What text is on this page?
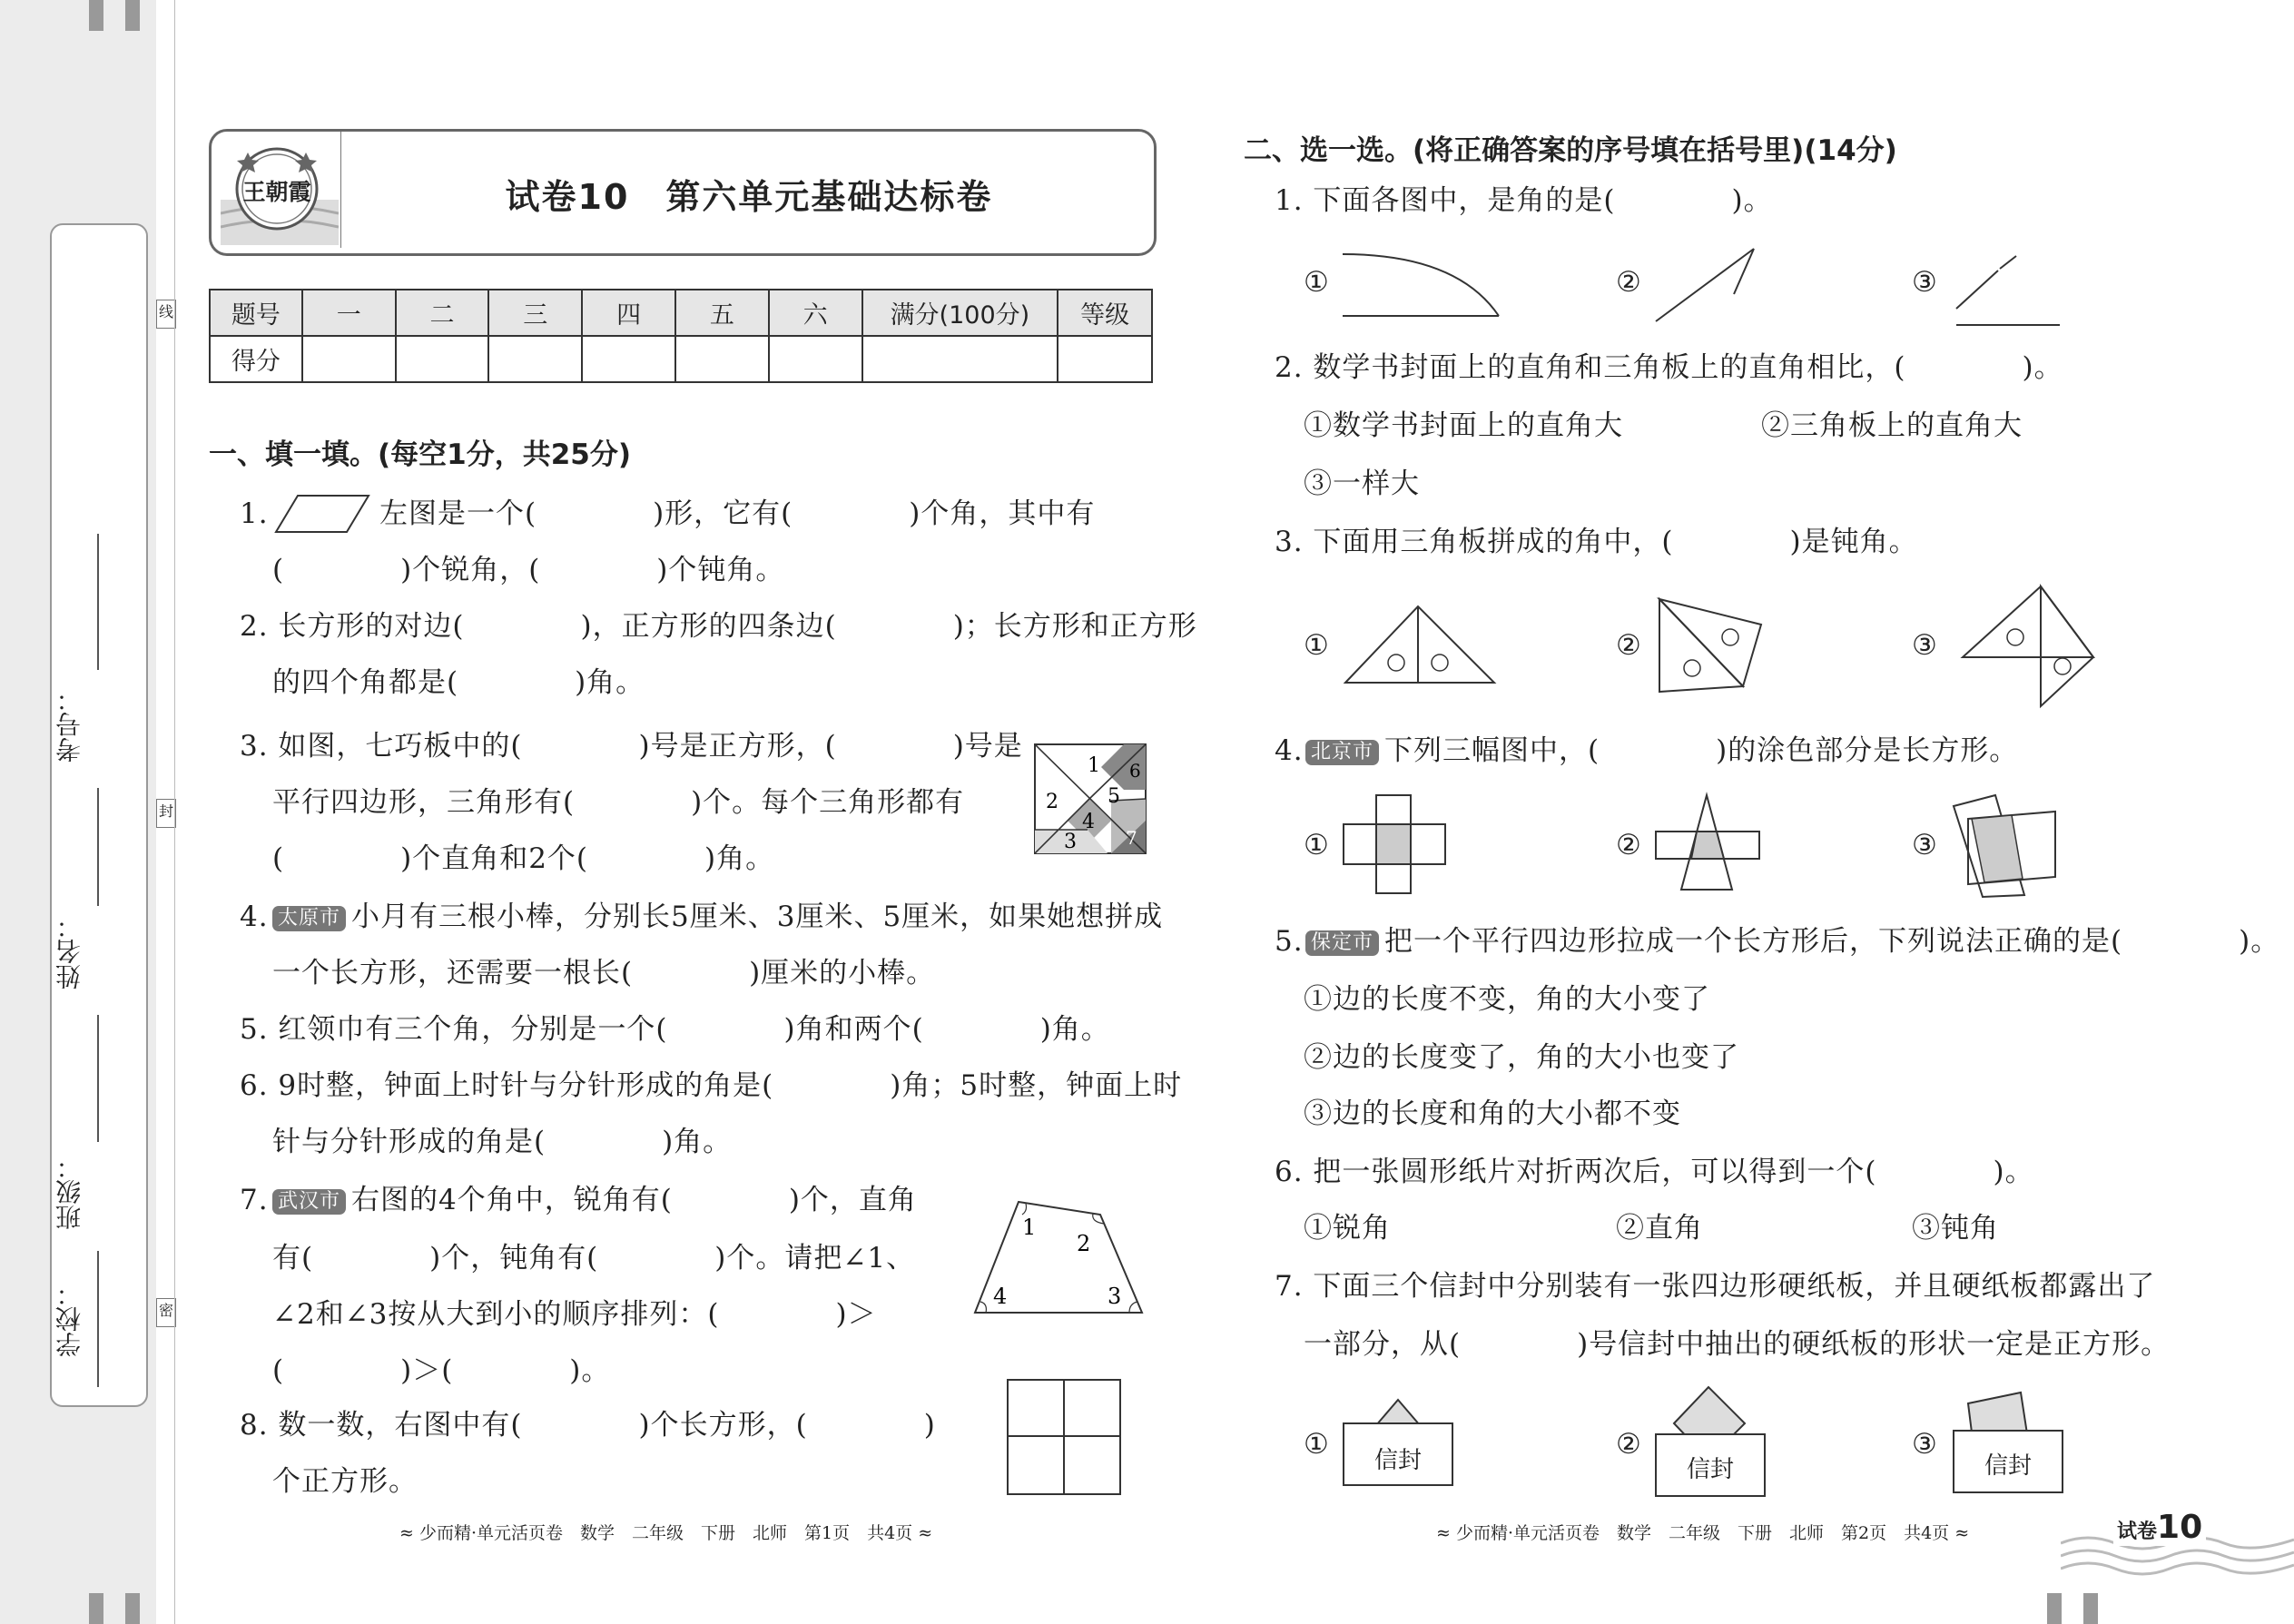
考号：
姓名：
班级：
学校：
线
封
密
王朝霞	试卷10　第六单元基础达标卷
题号	一	二	三	四	五	六	满分(100分)	等级
得分								
一、填一填。(每空1分，共25分)
1.	左图是一个(　　　　)形，它有(　　　　)个角，其中有
(　　　　)个锐角，(　　　　)个钝角。
2. 长方形的对边(　　　　)，正方形的四条边(　　　　)；长方形和正方形
的四个角都是(　　　　)角。
3. 如图，七巧板中的(　　　　)号是正方形，(　　　　)号是
平行四边形，三角形有(　　　　)个。每个三角形都有
(　　　　)个直角和2个(　　　　)角。
1
2
3
4
5
6
7
4. 太原市 小月有三根小棒，分别长5厘米、3厘米、5厘米，如果她想拼成
一个长方形，还需要一根长(　　　　)厘米的小棒。
5. 红领巾有三个角，分别是一个(　　　　)角和两个(　　　　)角。
6. 9时整，钟面上时针与分针形成的角是(　　　　)角；5时整，钟面上时
针与分针形成的角是(　　　　)角。
7. 武汉市 右图的4个角中，锐角有(　　　　)个，直角
有(　　　　)个，钝角有(　　　　)个。请把∠1、
∠2和∠3按从大到小的顺序排列：(　　　　)＞
(　　　　)＞(　　　　)。
1
2
3
4
8. 数一数，右图中有(　　　　)个长方形，(　　　　)
个正方形。
≈ 少而精·单元活页卷　数学　二年级　下册　北师　第1页　共4页 ≈
二、选一选。(将正确答案的序号填在括号里)(14分)
1. 下面各图中，是角的是(　　　　)。
①	②	③
2. 数学书封面上的直角和三角板上的直角相比，(　　　　)。
①数学书封面上的直角大	②三角板上的直角大
③一样大
3. 下面用三角板拼成的角中，(　　　　)是钝角。
①	②	③
4. 北京市 下列三幅图中，(　　　　)的涂色部分是长方形。
①	②	③
5. 保定市 把一个平行四边形拉成一个长方形后，下列说法正确的是(　　　　)。
①边的长度不变，角的大小变了
②边的长度变了，角的大小也变了
③边的长度和角的大小都不变
6. 把一张圆形纸片对折两次后，可以得到一个(　　　　)。
①锐角	②直角	③钝角
7. 下面三个信封中分别装有一张四边形硬纸板，并且硬纸板都露出了
一部分，从(　　　　)号信封中抽出的硬纸板的形状一定是正方形。
①	信封	②
信封
③
信封
≈ 少而精·单元活页卷　数学　二年级　下册　北师　第2页　共4页 ≈	试卷10
